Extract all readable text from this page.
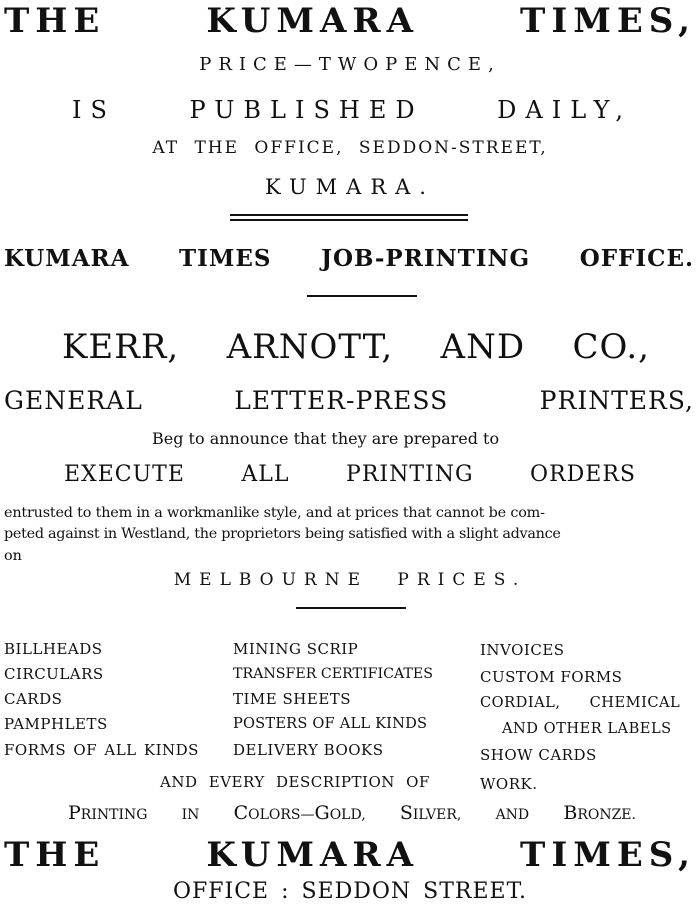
THE	KUMARA	TIMES,
PRICE—TWOPENCE,
IS	PUBLISHED	DAILY,
AT THE OFFICE, SEDDON-STREET,
KUMARA.
KUMARA TIMES JOB-PRINTING OFFICE.
KERR, ARNOTT, AND CO.,
GENERAL	LETTER-PRESS	PRINTERS,
Beg to announce that they are prepared to
EXECUTE	ALL	PRINTING	ORDERS
entrusted to them in a workmanlike style, and at prices that cannot be com-
peted against in Westland, the proprietors being satisfied with a slight advance
on
MELBOURNE PRICES.
BILLHEADS
CIRCULARS
CARDS
PAMPHLETS
FORMS OF ALL KINDS
MINING SCRIP
TRANSFER CERTIFICATES
TIME SHEETS
POSTERS OF ALL KINDS
DELIVERY BOOKS
INVOICES
CUSTOM FORMS
CORDIAL, CHEMICAL
AND OTHER LABELS
SHOW CARDS
AND EVERY DESCRIPTION OF	WORK.
PRINTING IN COLORS—GOLD, SILVER, AND BRONZE.
THE	KUMARA	TIMES,
OFFICE : SEDDON STREET.
